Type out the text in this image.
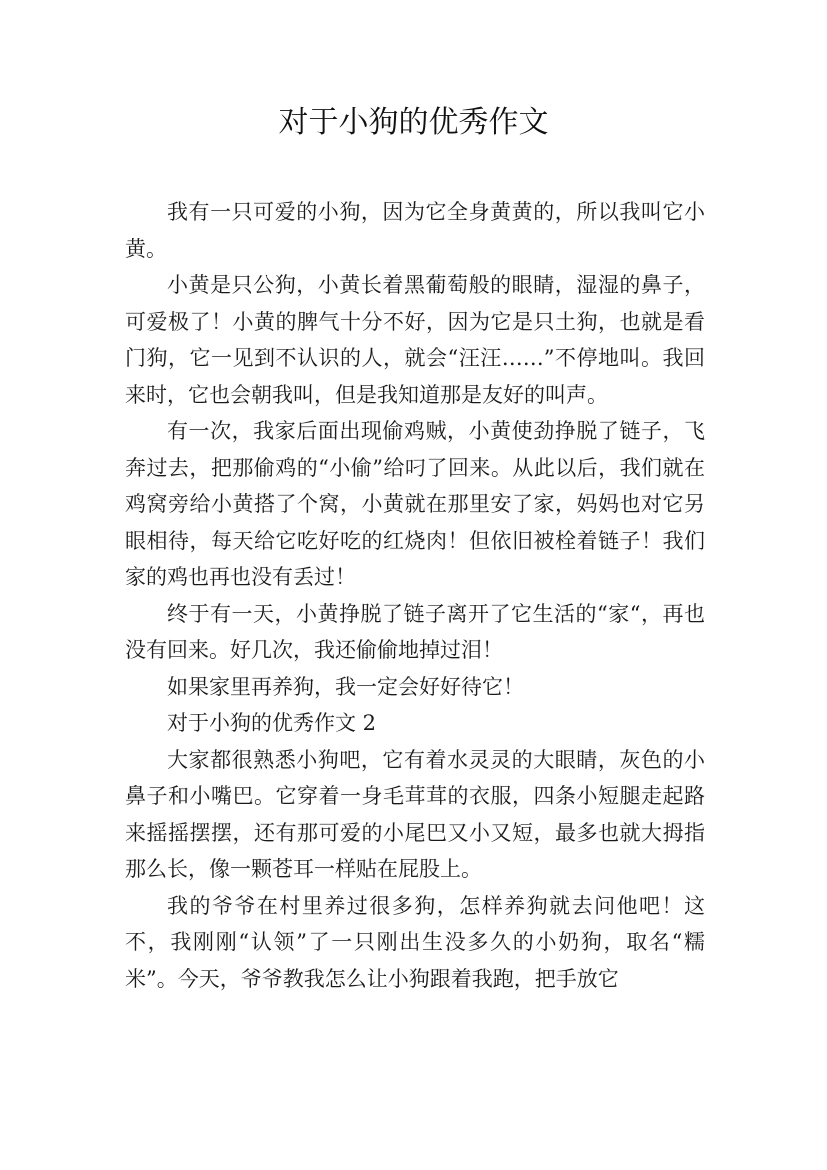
对于小狗的优秀作文

我有一只可爱的小狗，因为它全身黄黄的，所以我叫它小黄。

小黄是只公狗，小黄长着黑葡萄般的眼睛，湿湿的鼻子，可爱极了！小黄的脾气十分不好，因为它是只土狗，也就是看门狗，它一见到不认识的人，就会“汪汪……”不停地叫。我回来时，它也会朝我叫，但是我知道那是友好的叫声。

有一次，我家后面出现偷鸡贼，小黄使劲挣脱了链子，飞奔过去，把那偷鸡的“小偷”给叼了回来。从此以后，我们就在鸡窝旁给小黄搭了个窝，小黄就在那里安了家，妈妈也对它另眼相待，每天给它吃好吃的红烧肉！但依旧被栓着链子！我们家的鸡也再也没有丢过！

终于有一天，小黄挣脱了链子离开了它生活的“家“，再也没有回来。好几次，我还偷偷地掉过泪！

如果家里再养狗，我一定会好好待它！

对于小狗的优秀作文 2

大家都很熟悉小狗吧，它有着水灵灵的大眼睛，灰色的小鼻子和小嘴巴。它穿着一身毛茸茸的衣服，四条小短腿走起路来摇摇摆摆，还有那可爱的小尾巴又小又短，最多也就大拇指那么长，像一颗苍耳一样贴在屁股上。

我的爷爷在村里养过很多狗，怎样养狗就去问他吧！这不，我刚刚“认领”了一只刚出生没多久的小奶狗，取名“糯米”。今天，爷爷教我怎么让小狗跟着我跑，把手放它
